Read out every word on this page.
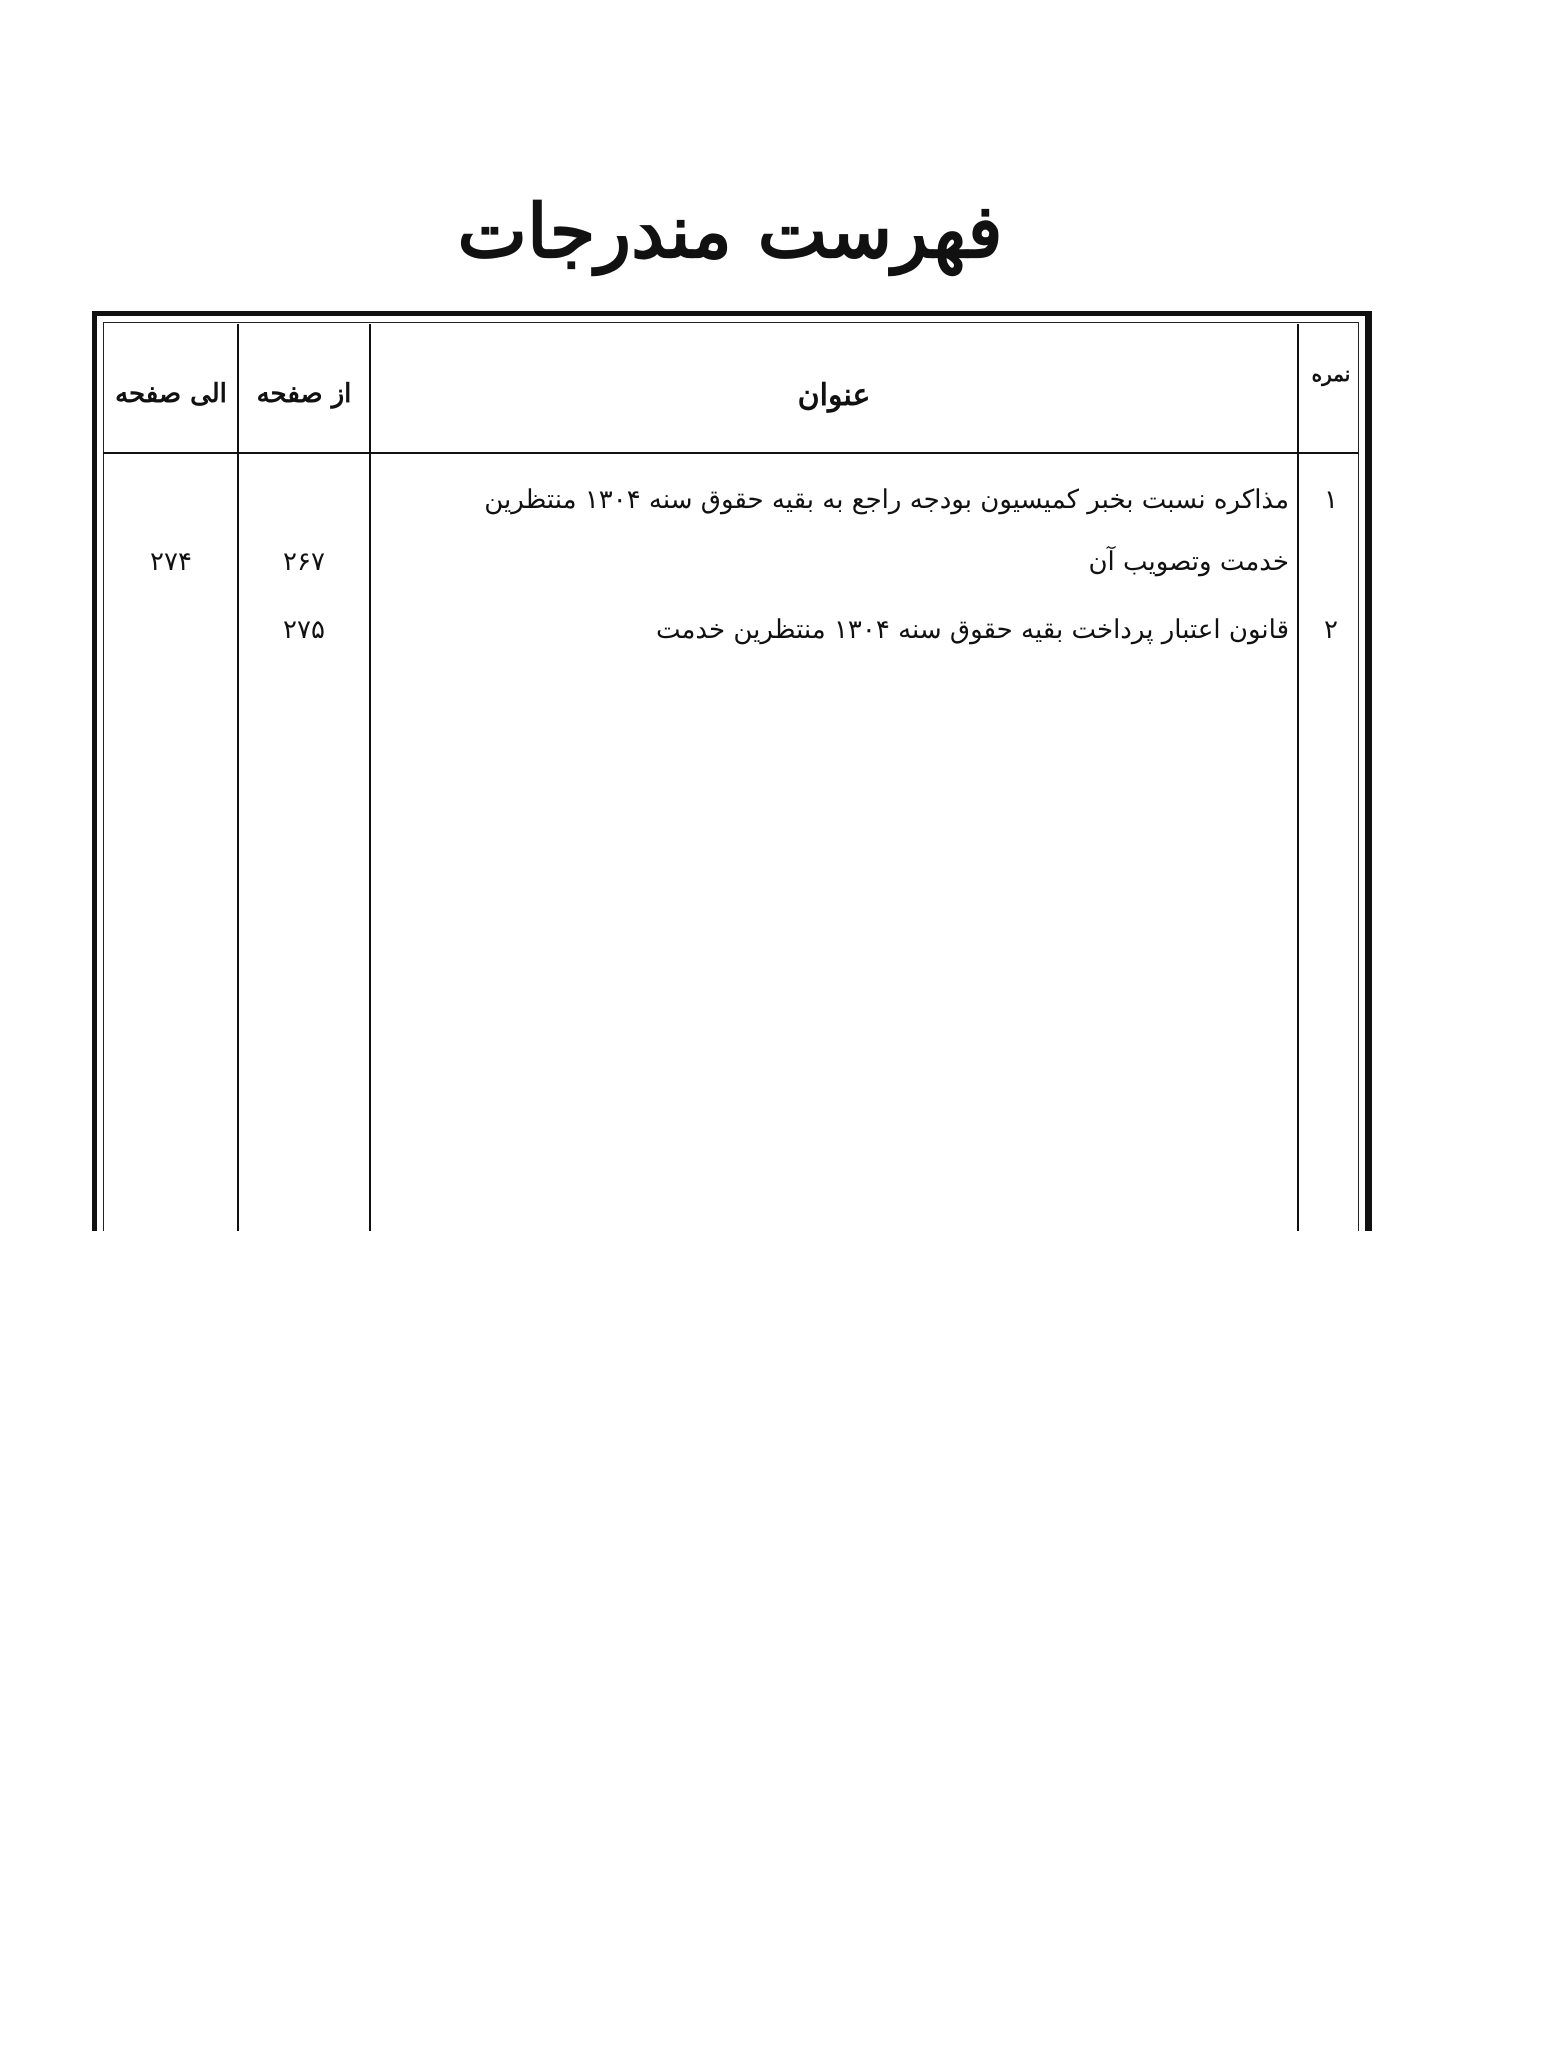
فهرست مندرجات
الی صفحه	از صفحه	عنوان
نمره
۱
مذاکره نسبت بخبر کمیسیون بودجه راجع به بقیه حقوق سنه ۱۳۰۴ منتظرین
خدمت وتصویب آن
۲۶۷
۲۷۴
۲
قانون اعتبار پرداخت بقیه حقوق سنه ۱۳۰۴ منتظرین خدمت
۲۷۵
